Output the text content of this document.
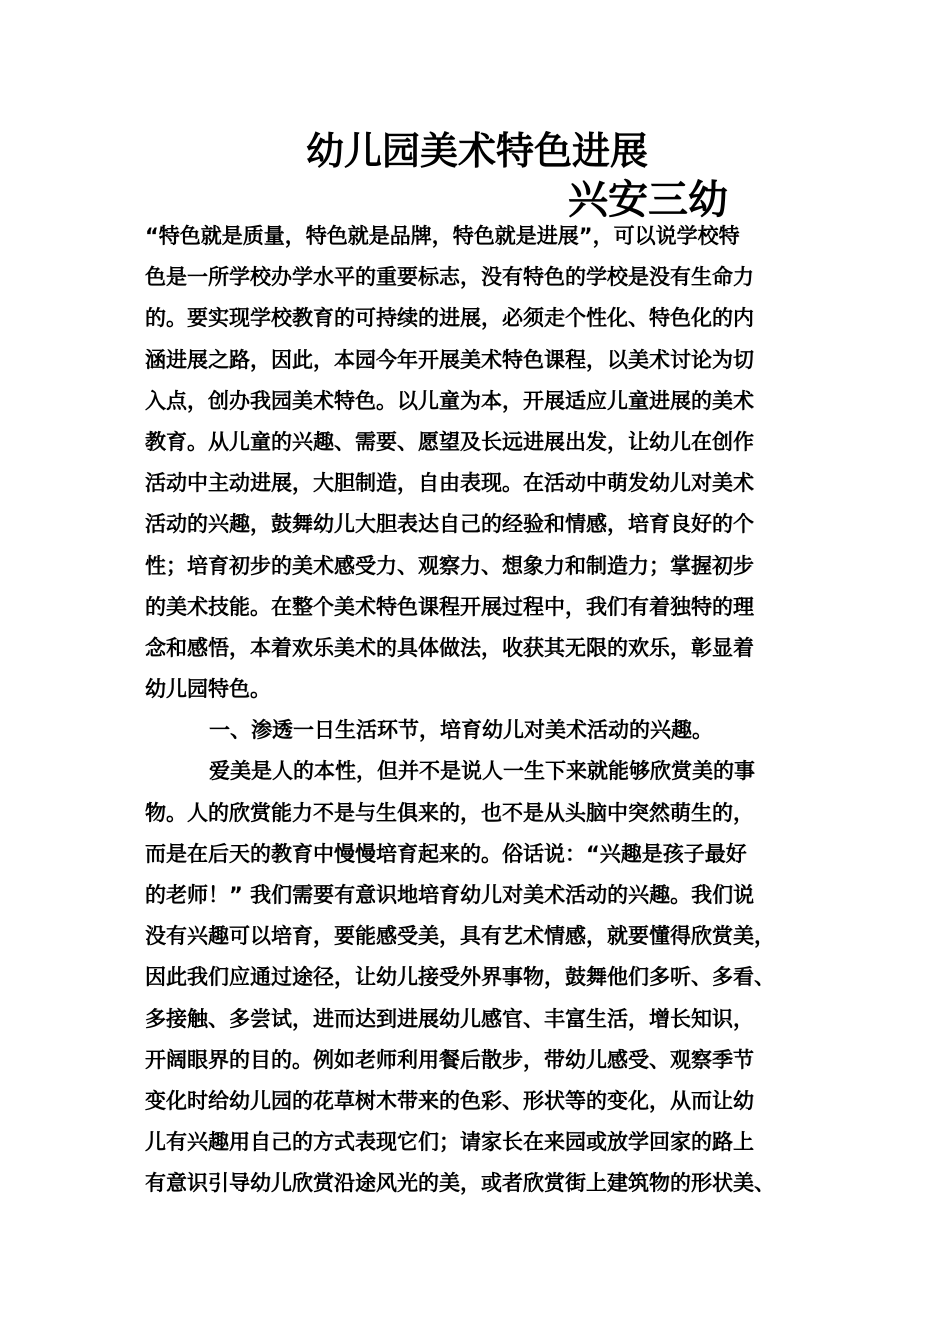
幼儿园美术特色进展
兴安三幼
“特色就是质量，特色就是品牌，特色就是进展”，可以说学校特
色是一所学校办学水平的重要标志，没有特色的学校是没有生命力
的。要实现学校教育的可持续的进展，必须走个性化、特色化的内
涵进展之路，因此，本园今年开展美术特色课程，以美术讨论为切
入点，创办我园美术特色。以儿童为本，开展适应儿童进展的美术
教育。从儿童的兴趣、需要、愿望及长远进展出发，让幼儿在创作
活动中主动进展，大胆制造，自由表现。在活动中萌发幼儿对美术
活动的兴趣，鼓舞幼儿大胆表达自己的经验和情感，培育良好的个
性；培育初步的美术感受力、观察力、想象力和制造力；掌握初步
的美术技能。在整个美术特色课程开展过程中，我们有着独特的理
念和感悟，本着欢乐美术的具体做法，收获其无限的欢乐，彰显着
幼儿园特色。
一、渗透一日生活环节，培育幼儿对美术活动的兴趣。
爱美是人的本性，但并不是说人一生下来就能够欣赏美的事
物。人的欣赏能力不是与生俱来的，也不是从头脑中突然萌生的，
而是在后天的教育中慢慢培育起来的。俗话说：“兴趣是孩子最好
的老师！” 我们需要有意识地培育幼儿对美术活动的兴趣。我们说
没有兴趣可以培育，要能感受美，具有艺术情感，就要懂得欣赏美，
因此我们应通过途径，让幼儿接受外界事物，鼓舞他们多听、多看、
多接触、多尝试，进而达到进展幼儿感官、丰富生活，增长知识，
开阔眼界的目的。例如老师利用餐后散步，带幼儿感受、观察季节
变化时给幼儿园的花草树木带来的色彩、形状等的变化，从而让幼
儿有兴趣用自己的方式表现它们；请家长在来园或放学回家的路上
有意识引导幼儿欣赏沿途风光的美，或者欣赏街上建筑物的形状美、
